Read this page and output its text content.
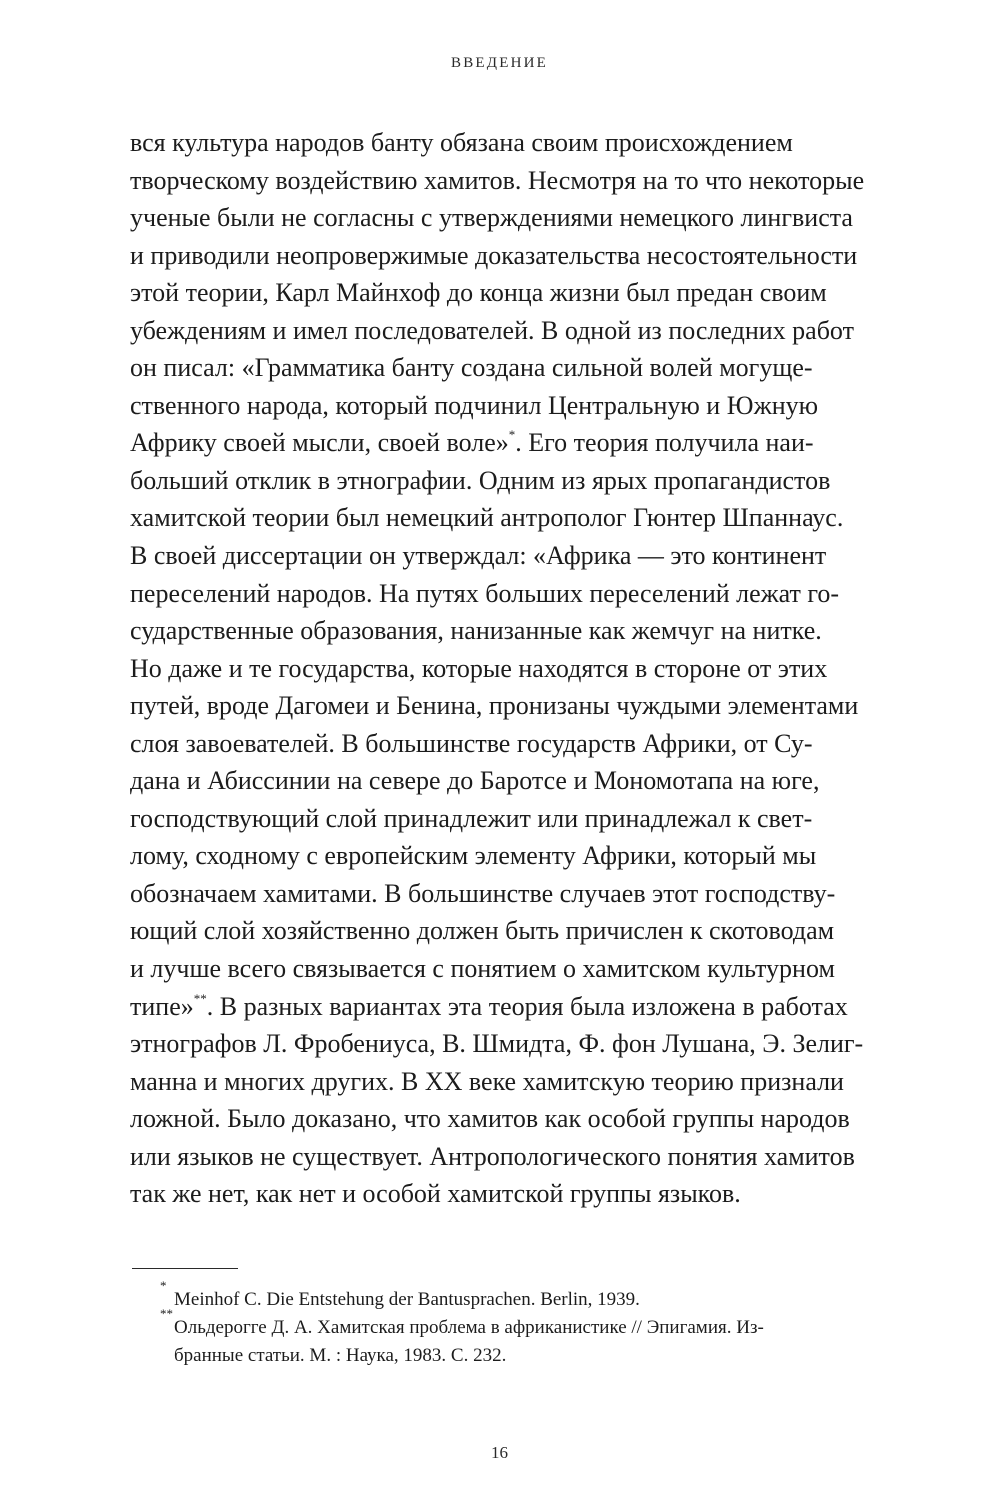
ВВЕДЕНИЕ
вся культура народов банту обязана своим происхождением
творческому воздействию хамитов. Несмотря на то что некоторые
ученые были не согласны с утверждениями немецкого лингвиста
и приводили неопровержимые доказательства несостоятельности
этой теории, Карл Майнхоф до конца жизни был предан своим
убеждениям и имел последователей. В одной из последних работ
он писал: «Грамматика банту создана сильной волей могуще-
ственного народа, который подчинил Центральную и Южную
Африку своей мысли, своей воле»*. Его теория получила наи-
больший отклик в этнографии. Одним из ярых пропагандистов
хамитской теории был немецкий антрополог Гюнтер Шпаннаус.
В своей диссертации он утверждал: «Африка — это континент
переселений народов. На путях больших переселений лежат го-
сударственные образования, нанизанные как жемчуг на нитке.
Но даже и те государства, которые находятся в стороне от этих
путей, вроде Дагомеи и Бенина, пронизаны чуждыми элементами
слоя завоевателей. В большинстве государств Африки, от Су-
дана и Абиссинии на севере до Баротсе и Мономотапа на юге,
господствующий слой принадлежит или принадлежал к свет-
лому, сходному с европейским элементу Африки, который мы
обозначаем хамитами. В большинстве случаев этот господству-
ющий слой хозяйственно должен быть причислен к скотоводам
и лучше всего связывается с понятием о хамитском культурном
типе»**. В разных вариантах эта теория была изложена в работах
этнографов Л. Фробениуса, В. Шмидта, Ф. фон Лушана, Э. Зелиг-
манна и многих других. В XX веке хамитскую теорию признали
ложной. Было доказано, что хамитов как особой группы народов
или языков не существует. Антропологического понятия хамитов
так же нет, как нет и особой хамитской группы языков.
*
Meinhof C. Die Entstehung der Bantusprachen. Berlin, 1939.
**
Ольдерогге Д. А. Хамитская проблема в африканистике // Эпигамия. Из-
бранные статьи. М. : Наука, 1983. С. 232.
16
